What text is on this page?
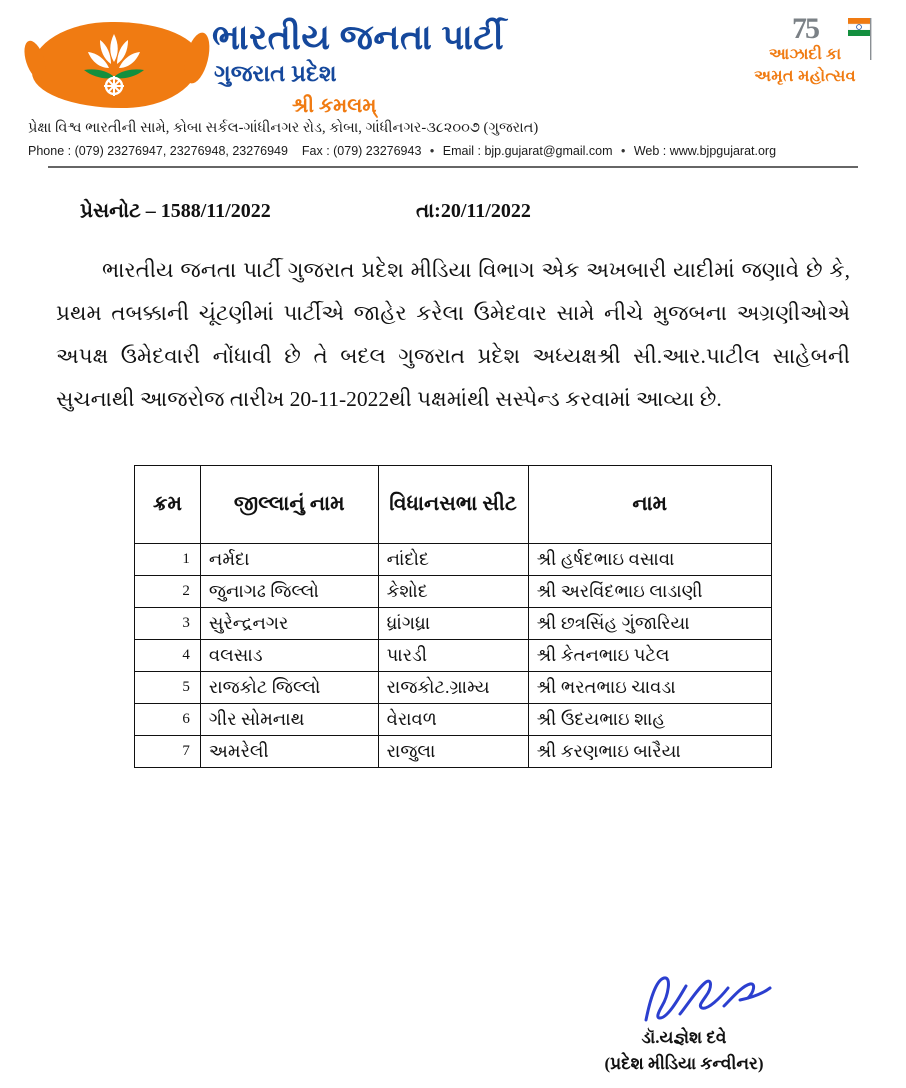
ભારતીય જનતા પાર્ટી
ગુજરાત પ્રદેશ
શ્રી કમલમ્
75
આઝાદી કા
અમૃત મહોત્સવ
પ્રેક્ષા વિશ્વ ભારતીની સામે, કોબા સર્કલ-ગાંધીનગર રોડ, કોબા, ગાંધીનગર-૩૮૨૦૦૭ (ગુજરાત)
Phone : (079) 23276947, 23276948, 23276949 Fax : (079) 23276943 • Email : bjp.gujarat@gmail.com • Web : www.bjpgujarat.org
પ્રેસનોટ – 1588/11/2022	તા:20/11/2022
ભારતીય જનતા પાર્ટી ગુજરાત પ્રદેશ મીડિયા વિભાગ એક અખબારી યાદીમાં જણાવે છે કે, પ્રથમ તબક્કાની ચૂંટણીમાં પાર્ટીએ જાહેર કરેલા ઉમેદવાર સામે નીચે મુજબના અગ્રણીઓએ અપક્ષ ઉમેદવારી નોંધાવી છે તે બદલ ગુજરાત પ્રદેશ અધ્યક્ષશ્રી સી.આર.પાટીલ સાહેબની સુચનાથી આજરોજ તારીખ 20-11-2022થી પક્ષમાંથી સસ્પેન્ડ કરવામાં આવ્યા છે.
ક્રમ	જીલ્લાનું નામ	વિધાનસભા સીટ	નામ
1	નર્મદા	નાંદોદ	શ્રી હર્ષદભાઇ વસાવા
2	જુનાગઢ જિલ્લો	કેશોદ	શ્રી અરવિંદભાઇ લાડાણી
3	સુરેન્દ્રનગર	ધ્રાંગધ્રા	શ્રી છત્રસિંહ ગુંજારિયા
4	વલસાડ	પારડી	શ્રી કેતનભાઇ પટેલ
5	રાજકોટ જિલ્લો	રાજકોટ.ગ્રામ્ય	શ્રી ભરતભાઇ ચાવડા
6	ગીર સોમનાથ	વેરાવળ	શ્રી ઉદયભાઇ શાહ
7	અમરેલી	રાજુલા	શ્રી કરણભાઇ બારૈયા
ડૉ.યજ્ઞેશ દવે
(પ્રદેશ મીડિયા કન્વીનર)
